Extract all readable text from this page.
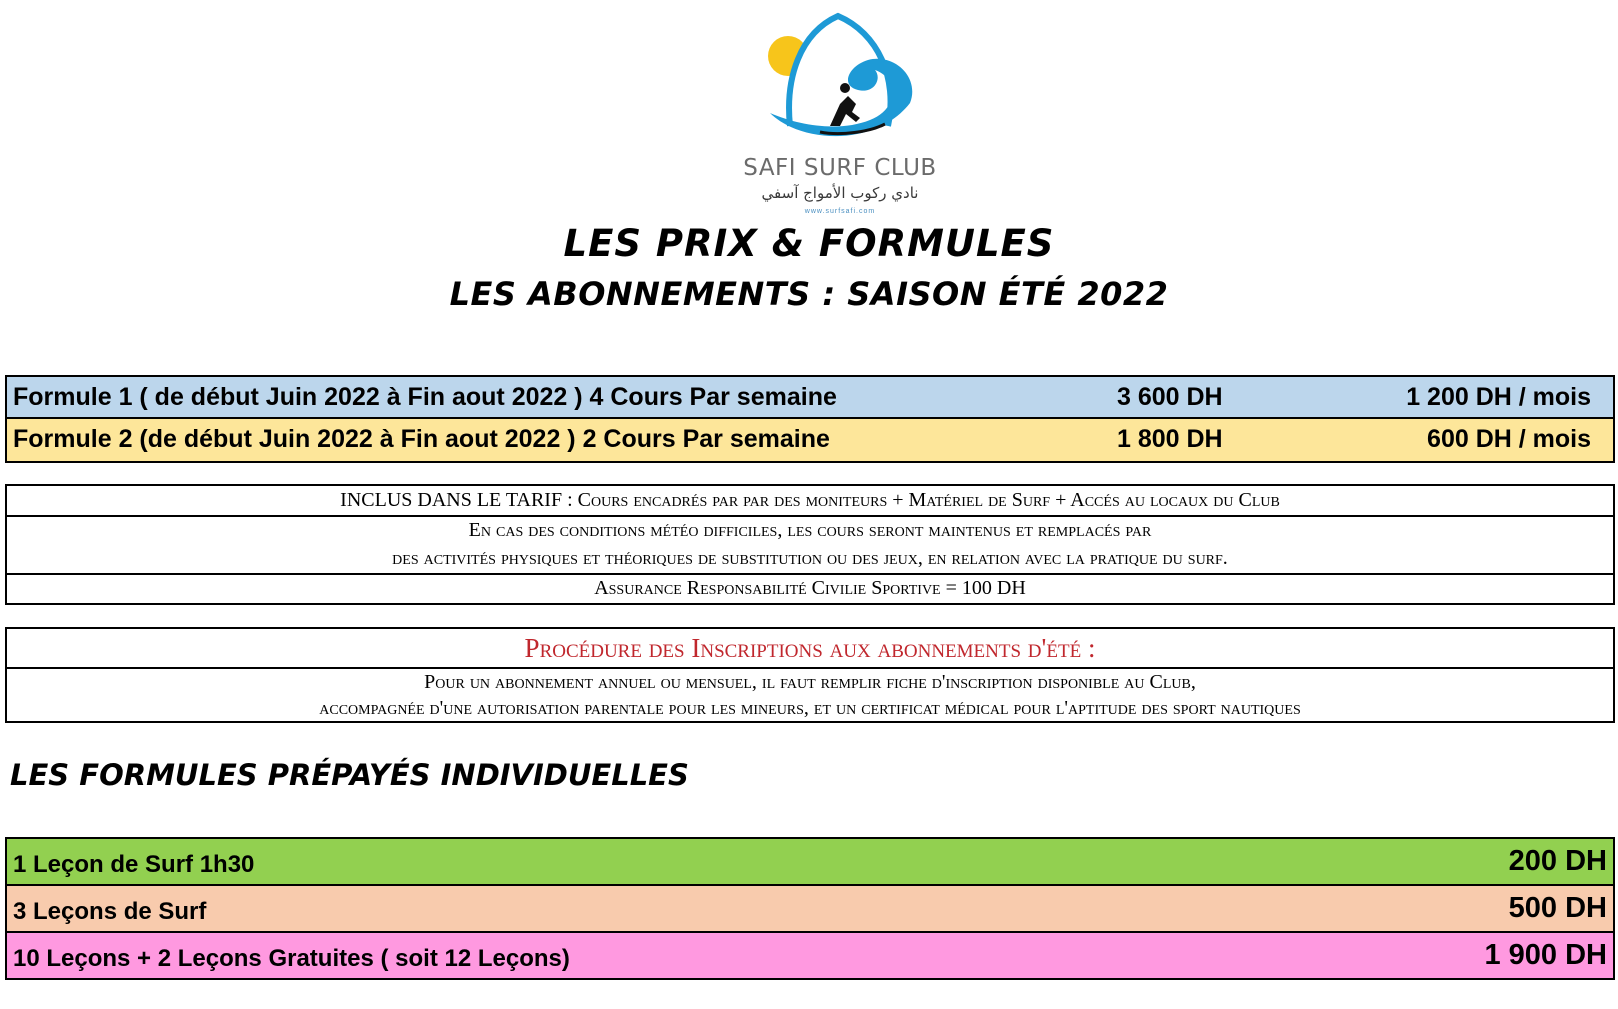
SAFI SURF CLUB
نادي ركوب الأمواج آسفي
www.surfsafi.com
LES PRIX & FORMULES
LES ABONNEMENTS : SAISON ÉTÉ 2022
Formule 1 ( de début Juin 2022 à Fin aout 2022 ) 4 Cours Par semaine	3 600 DH	1 200 DH / mois
Formule 2 (de début Juin 2022 à Fin aout 2022 ) 2 Cours Par semaine	1 800 DH	600 DH / mois
INCLUS DANS LE TARIF : Cours encadrés par par des moniteurs + Matériel de Surf + Accés au locaux du Club
En cas des conditions météo difficiles, les cours seront maintenus et remplacés par
des activités physiques et théoriques de substitution ou des jeux, en relation avec la pratique du surf.
Assurance Responsabilité Civilie Sportive = 100 DH
Procédure des Inscriptions aux abonnements d'été :
Pour un abonnement annuel ou mensuel, il faut remplir fiche d'inscription disponible au Club,
accompagnée d'une autorisation parentale pour les mineurs, et un certificat médical pour l'aptitude des sport nautiques
LES FORMULES PRÉPAYÉS INDIVIDUELLES
1 Leçon de Surf 1h30	200 DH
3 Leçons de Surf	500 DH
10 Leçons + 2 Leçons Gratuites ( soit 12 Leçons)	1 900 DH
